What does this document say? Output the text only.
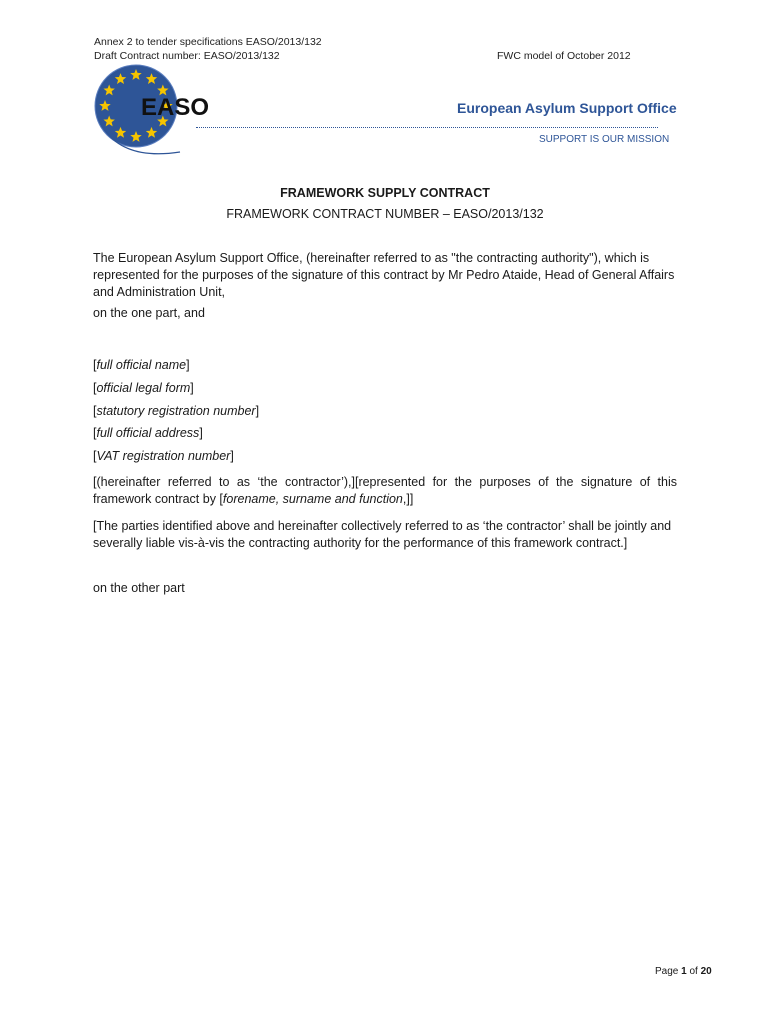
Annex 2 to tender specifications EASO/2013/132
Draft Contract number: EASO/2013/132	FWC model of October 2012
EASO	European Asylum Support Office
SUPPORT IS OUR MISSION
FRAMEWORK SUPPLY CONTRACT
FRAMEWORK CONTRACT NUMBER – EASO/2013/132
The European Asylum Support Office, (hereinafter referred to as "the contracting authority"), which is represented for the purposes of the signature of this contract by Mr Pedro Ataide, Head of General Affairs and Administration Unit,
on the one part, and
[full official name]
[official legal form]
[statutory registration number]
[full official address]
[VAT registration number]
[(hereinafter referred to as ‘the contractor’),][represented for the purposes of the signature of this framework contract by [forename, surname and function,]]
[The parties identified above and hereinafter collectively referred to as ‘the contractor’ shall be jointly and severally liable vis-à-vis the contracting authority for the performance of this framework contract.]
on the other part
Page 1 of 20
